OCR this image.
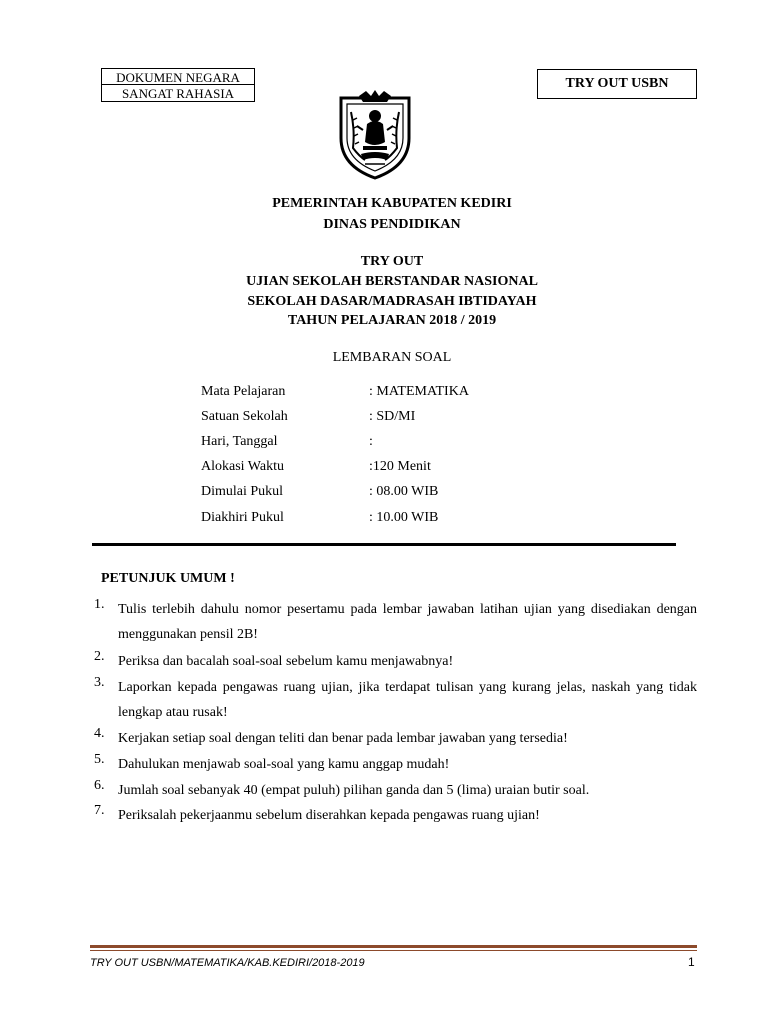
DOKUMEN NEGARA
SANGAT RAHASIA
TRY OUT USBN
PEMERINTAH KABUPATEN KEDIRI
DINAS PENDIDIKAN
TRY OUT
UJIAN SEKOLAH BERSTANDAR NASIONAL
SEKOLAH DASAR/MADRASAH IBTIDAYAH
TAHUN PELAJARAN 2018 / 2019
LEMBARAN SOAL
Mata Pelajaran	: MATEMATIKA
Satuan Sekolah	: SD/MI
Hari, Tanggal	:
Alokasi Waktu	:120 Menit
Dimulai Pukul	: 08.00 WIB
Diakhiri Pukul	: 10.00 WIB
PETUNJUK UMUM !
1. Tulis terlebih dahulu nomor pesertamu pada lembar jawaban latihan ujian yang disediakan dengan menggunakan pensil 2B!
2. Periksa dan bacalah soal-soal sebelum kamu menjawabnya!
3. Laporkan kepada pengawas ruang ujian, jika terdapat tulisan yang kurang jelas, naskah yang tidak lengkap atau rusak!
4. Kerjakan setiap soal dengan teliti dan benar pada lembar jawaban yang tersedia!
5. Dahulukan menjawab soal-soal yang kamu anggap mudah!
6. Jumlah soal sebanyak 40 (empat puluh) pilihan ganda dan 5 (lima) uraian butir soal.
7. Periksalah pekerjaanmu sebelum diserahkan kepada pengawas ruang ujian!
TRY OUT USBN/MATEMATIKA/KAB.KEDIRI/2018-2019	1
